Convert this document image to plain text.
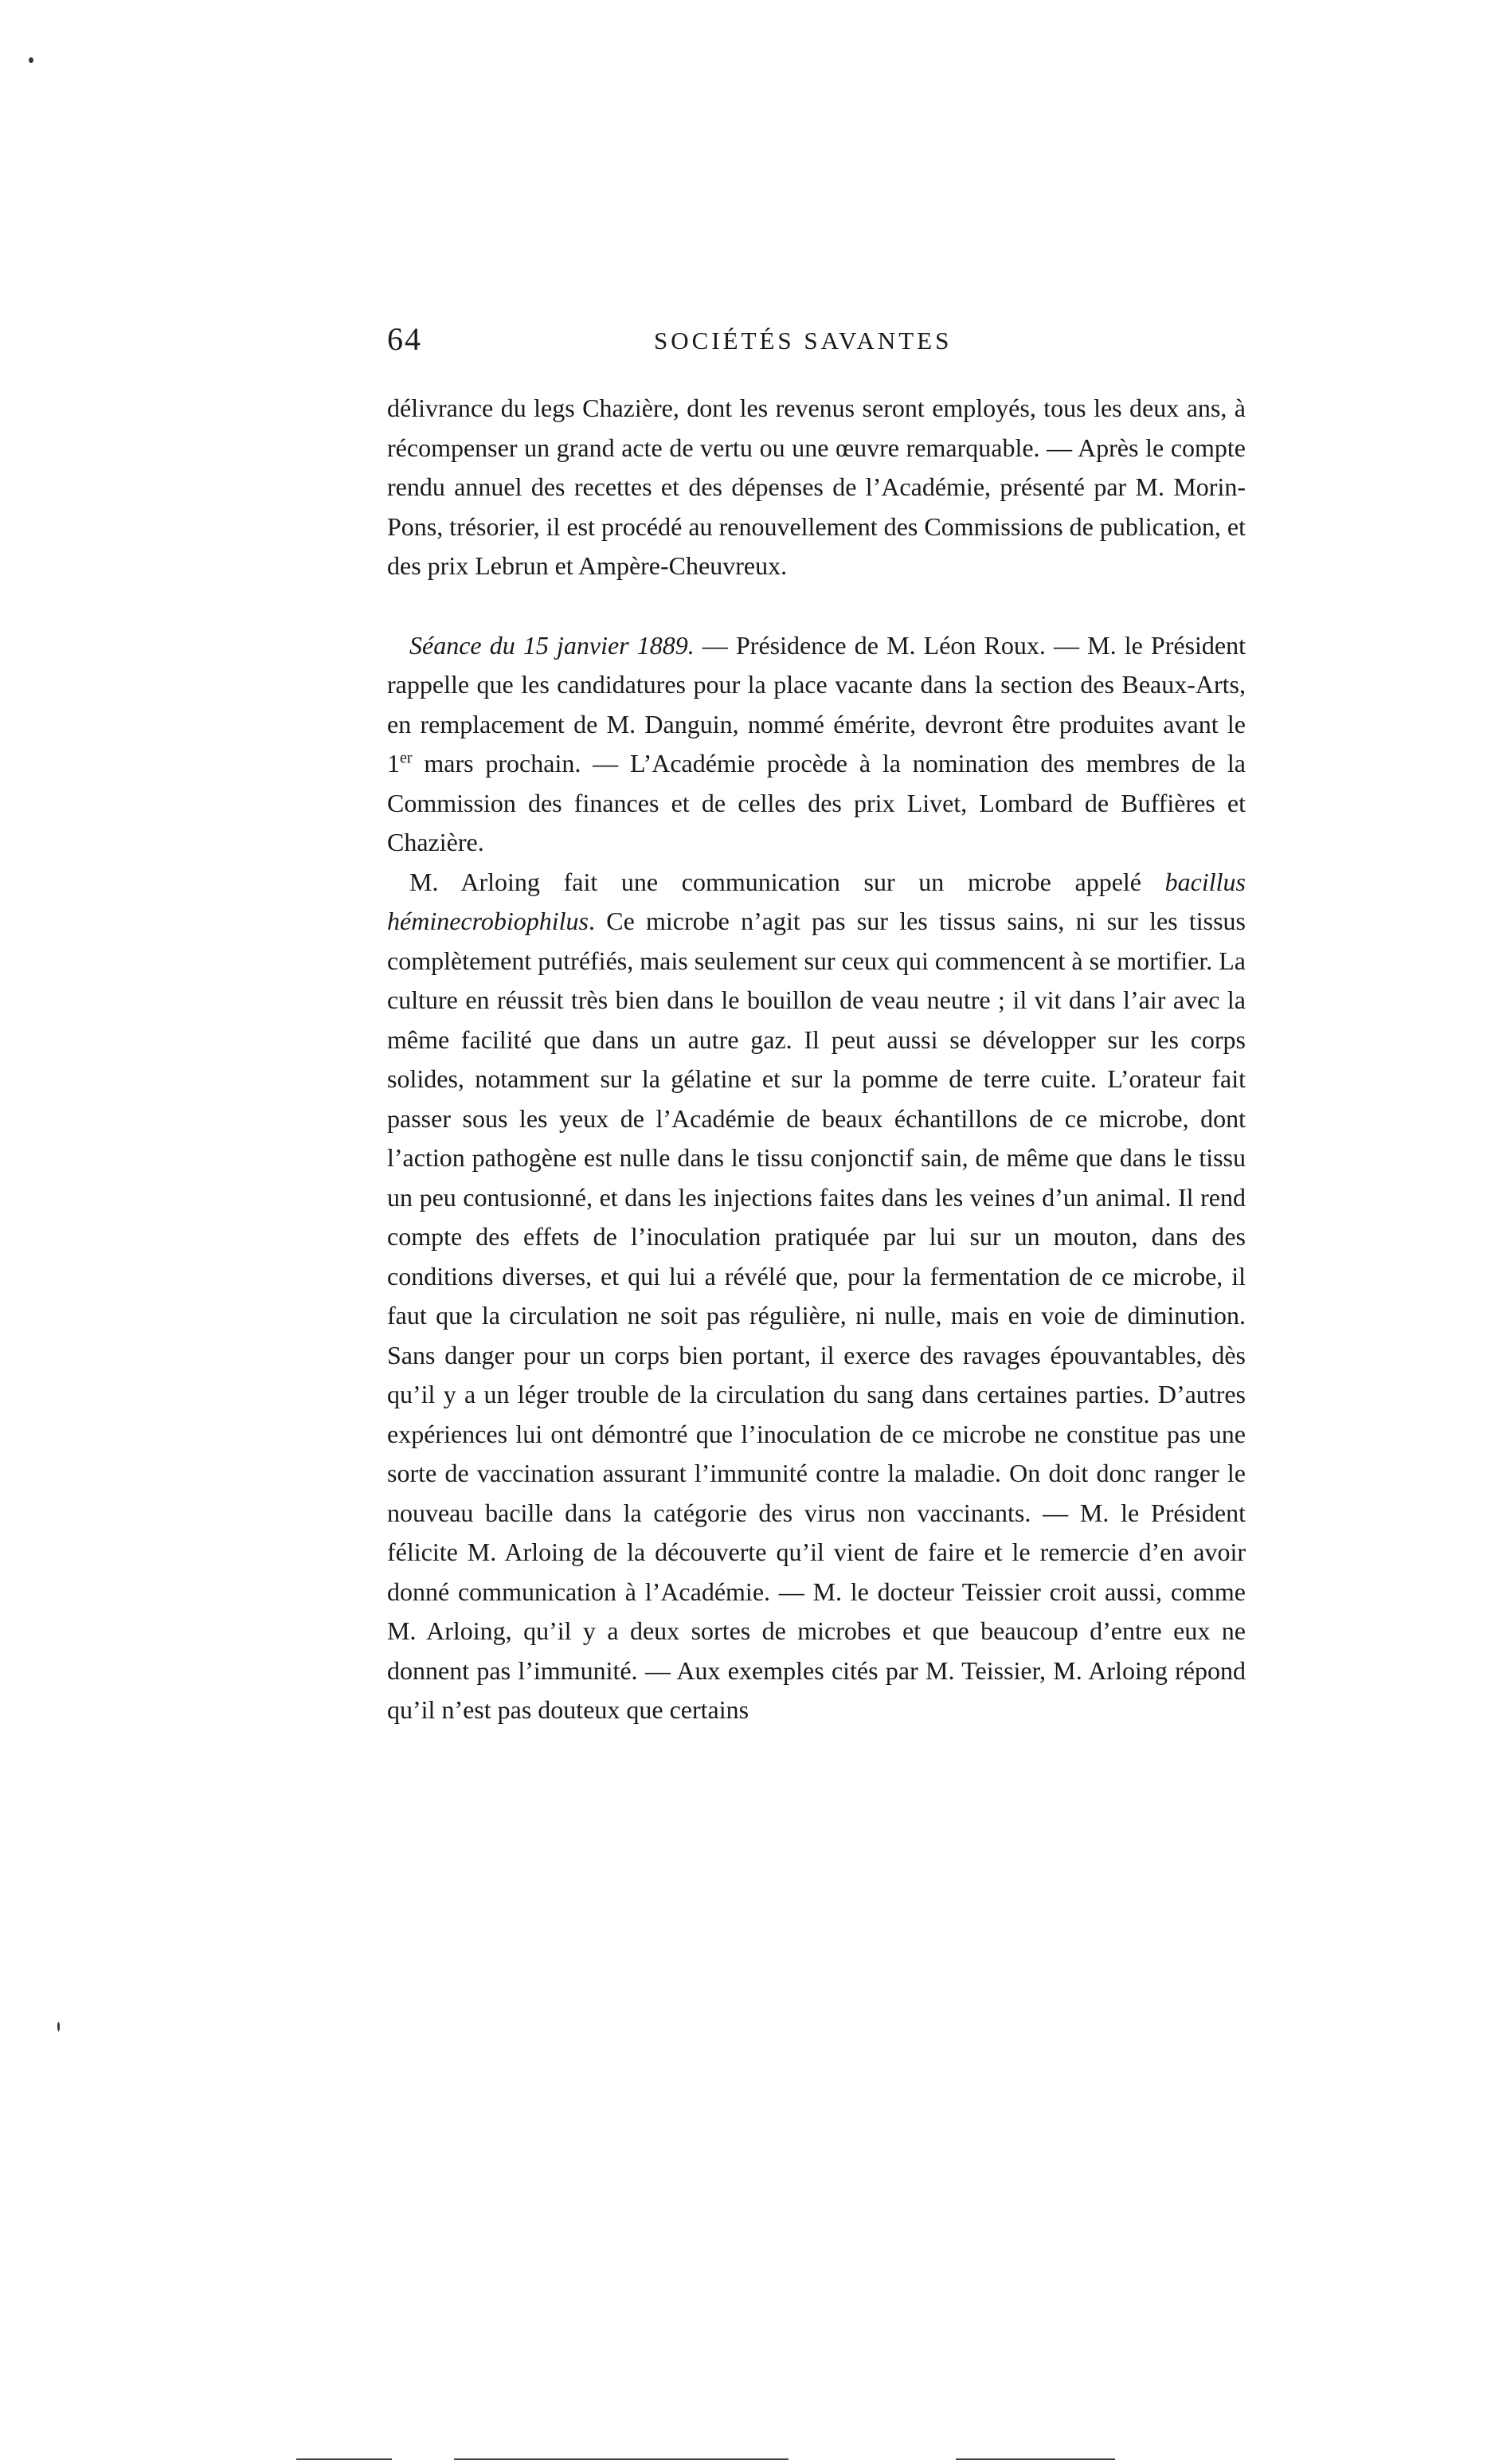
64	SOCIÉTÉS SAVANTES

délivrance du legs Chazière, dont les revenus seront employés, tous les deux ans, à récompenser un grand acte de vertu ou une œuvre remarquable. — Après le compte rendu annuel des recettes et des dépenses de l’Académie, présenté par M. Morin-Pons, trésorier, il est procédé au renouvellement des Commissions de publication, et des prix Lebrun et Ampère-Cheuvreux.

Séance du 15 janvier 1889. — Présidence de M. Léon Roux. — M. le Président rappelle que les candidatures pour la place vacante dans la section des Beaux-Arts, en remplacement de M. Danguin, nommé émérite, devront être produites avant le 1er mars prochain. — L’Académie procède à la nomination des membres de la Commission des finances et de celles des prix Livet, Lombard de Buffières et Chazière.

M. Arloing fait une communication sur un microbe appelé bacillus héminecrobiophilus. Ce microbe n’agit pas sur les tissus sains, ni sur les tissus complètement putréfiés, mais seulement sur ceux qui commencent à se mortifier. La culture en réussit très bien dans le bouillon de veau neutre ; il vit dans l’air avec la même facilité que dans un autre gaz. Il peut aussi se développer sur les corps solides, notamment sur la gélatine et sur la pomme de terre cuite. L’orateur fait passer sous les yeux de l’Académie de beaux échantillons de ce microbe, dont l’action pathogène est nulle dans le tissu conjonctif sain, de même que dans le tissu un peu contusionné, et dans les injections faites dans les veines d’un animal. Il rend compte des effets de l’inoculation pratiquée par lui sur un mouton, dans des conditions diverses, et qui lui a révélé que, pour la fermentation de ce microbe, il faut que la circulation ne soit pas régulière, ni nulle, mais en voie de diminution. Sans danger pour un corps bien portant, il exerce des ravages épouvantables, dès qu’il y a un léger trouble de la circulation du sang dans certaines parties. D’autres expériences lui ont démontré que l’inoculation de ce microbe ne constitue pas une sorte de vaccination assurant l’immunité contre la maladie. On doit donc ranger le nouveau bacille dans la catégorie des virus non vaccinants. — M. le Président félicite M. Arloing de la découverte qu’il vient de faire et le remercie d’en avoir donné communication à l’Académie. — M. le docteur Teissier croit aussi, comme M. Arloing, qu’il y a deux sortes de microbes et que beaucoup d’entre eux ne donnent pas l’immunité. — Aux exemples cités par M. Teissier, M. Arloing répond qu’il n’est pas douteux que certains
